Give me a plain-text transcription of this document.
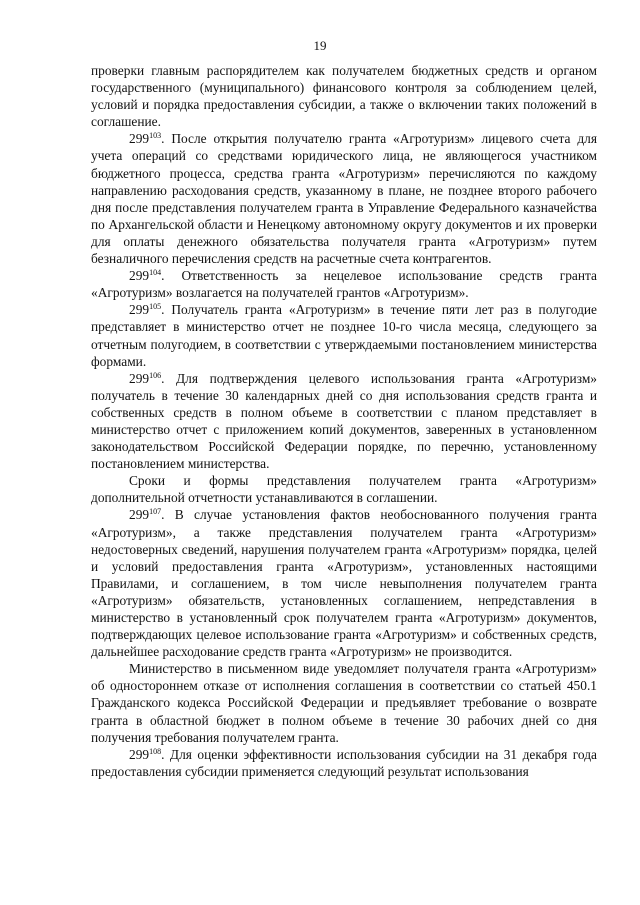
19

проверки главным распорядителем как получателем бюджетных средств и органом государственного (муниципального) финансового контроля за соблюдением целей, условий и порядка предоставления субсидии, а также о включении таких положений в соглашение.

$299^{103}$. После открытия получателю гранта «Агротуризм» лицевого счета для учета операций со средствами юридического лица, не являющегося участником бюджетного процесса, средства гранта «Агротуризм» перечисляются по каждому направлению расходования средств, указанному в плане, не позднее второго рабочего дня после представления получателем гранта в Управление Федерального казначейства по Архангельской области и Ненецкому автономному округу документов и их проверки для оплаты денежного обязательства получателя гранта «Агротуризм» путем безналичного перечисления средств на расчетные счета контрагентов.

$299^{104}$. Ответственность за нецелевое использование средств гранта «Агротуризм» возлагается на получателей грантов «Агротуризм».

$299^{105}$. Получатель гранта «Агротуризм» в течение пяти лет раз в полугодие представляет в министерство отчет не позднее 10-го числа месяца, следующего за отчетным полугодием, в соответствии с утверждаемыми постановлением министерства формами.

$299^{106}$. Для подтверждения целевого использования гранта «Агротуризм» получатель в течение 30 календарных дней со дня использования средств гранта и собственных средств в полном объеме в соответствии с планом представляет в министерство отчет с приложением копий документов, заверенных в установленном законодательством Российской Федерации порядке, по перечню, установленному постановлением министерства.

Сроки и формы представления получателем гранта «Агротуризм» дополнительной отчетности устанавливаются в соглашении.

$299^{107}$. В случае установления фактов необоснованного получения гранта «Агротуризм», а также представления получателем гранта «Агротуризм» недостоверных сведений, нарушения получателем гранта «Агротуризм» порядка, целей и условий предоставления гранта «Агротуризм», установленных настоящими Правилами, и соглашением, в том числе невыполнения получателем гранта «Агротуризм» обязательств, установленных соглашением, непредставления в министерство в установленный срок получателем гранта «Агротуризм» документов, подтверждающих целевое использование гранта «Агротуризм» и собственных средств, дальнейшее расходование средств гранта «Агротуризм» не производится.

Министерство в письменном виде уведомляет получателя гранта «Агротуризм» об одностороннем отказе от исполнения соглашения в соответствии со статьей 450.1 Гражданского кодекса Российской Федерации и предъявляет требование о возврате гранта в областной бюджет в полном объеме в течение 30 рабочих дней со дня получения требования получателем гранта.

$299^{108}$. Для оценки эффективности использования субсидии на 31 декабря года предоставления субсидии применяется следующий результат использования
